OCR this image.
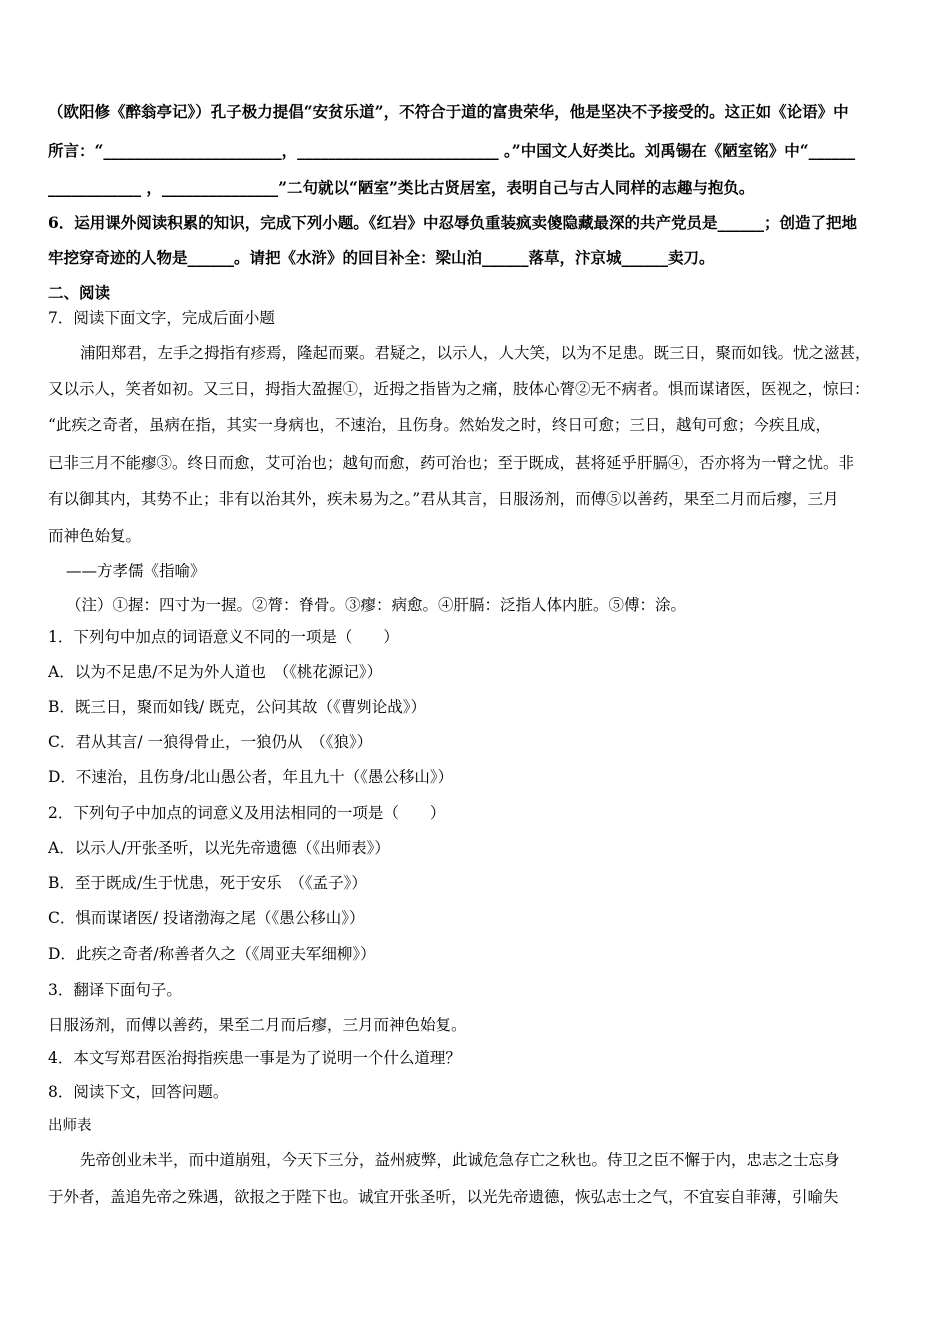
（欧阳修《醉翁亭记》）孔子极力提倡“安贫乐道”，不符合于道的富贵荣华，他是坚决不予接受的。这正如《论语》中
所言：“_______________________，__________________________ 。”中国文人好类比。刘禹锡在《陋室铭》中“______
____________ ，_______________”二句就以“陋室”类比古贤居室，表明自己与古人同样的志趣与抱负。
6．运用课外阅读积累的知识，完成下列小题。《红岩》中忍辱负重装疯卖傻隐藏最深的共产党员是______；创造了把地
牢挖穿奇迹的人物是______。请把《水浒》的回目补全：梁山泊______落草，汴京城______卖刀。
二、阅读
7．阅读下面文字，完成后面小题
浦阳郑君，左手之拇指有疹焉，隆起而粟。君疑之，以示人，人大笑，以为不足患。既三日，聚而如钱。忧之滋甚，
又以示人，笑者如初。又三日，拇指大盈握①，近拇之指皆为之痛，肢体心膂②无不病者。惧而谋诸医，医视之，惊曰：
“此疾之奇者，虽病在指，其实一身病也，不速治，且伤身。然始发之时，终日可愈；三日，越旬可愈；今疾且成，
已非三月不能瘳③。终日而愈，艾可治也；越旬而愈，药可治也；至于既成，甚将延乎肝膈④，否亦将为一臂之忧。非
有以御其内，其势不止；非有以治其外，疾未易为之。”君从其言，日服汤剂，而傅⑤以善药，果至二月而后瘳，三月
而神色始复。
——方孝儒《指喻》
（注）①握：四寸为一握。②膂：脊骨。③瘳：病愈。④肝膈：泛指人体内脏。⑤傅：涂。
1．下列句中加点的词语意义不同的一项是（　　）
A．以为不足患/不足为外人道也　（《桃花源记》）
B．既三日，聚而如钱/ 既克，公问其故（《曹刿论战》）
C．君从其言/ 一狼得骨止，一狼仍从　（《狼》）
D．不速治，且伤身/北山愚公者，年且九十（《愚公移山》）
2．下列句子中加点的词意义及用法相同的一项是（　　）
A．以示人/开张圣听，以光先帝遗德（《出师表》）
B．至于既成/生于忧患，死于安乐　（《孟子》）
C．惧而谋诸医/ 投诸渤海之尾（《愚公移山》）
D．此疾之奇者/称善者久之（《周亚夫军细柳》）
3．翻译下面句子。
日服汤剂，而傅以善药，果至二月而后瘳，三月而神色始复。
4．本文写郑君医治拇指疾患一事是为了说明一个什么道理？
8．阅读下文，回答问题。
出师表
先帝创业未半，而中道崩殂，今天下三分，益州疲弊，此诚危急存亡之秋也。侍卫之臣不懈于内，忠志之士忘身
于外者，盖追先帝之殊遇，欲报之于陛下也。诚宜开张圣听，以光先帝遗德，恢弘志士之气，不宜妄自菲薄，引喻失
